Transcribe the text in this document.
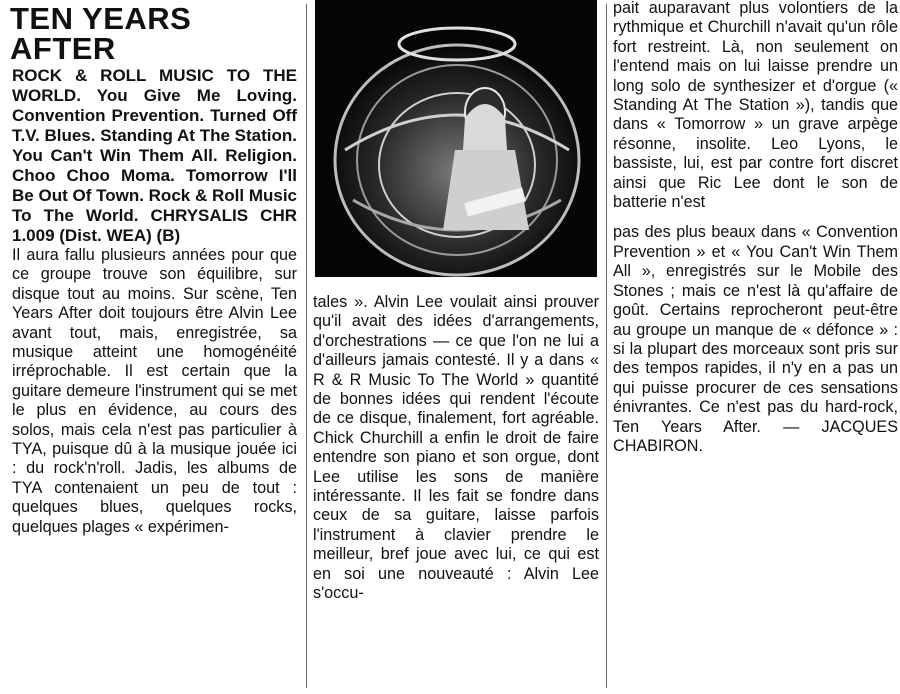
TEN YEARS AFTER
ROCK & ROLL MUSIC TO THE WORLD. You Give Me Loving. Convention Prevention. Turned Off T.V. Blues. Standing At The Station. You Can't Win Them All. Religion. Choo Choo Moma. Tomorrow I'll Be Out Of Town. Rock & Roll Music To The World. CHRYSALIS CHR 1.009 (Dist. WEA) (B)

Il aura fallu plusieurs années pour que ce groupe trouve son équilibre, sur disque tout au moins. Sur scène, Ten Years After doit toujours être Alvin Lee avant tout, mais, enregistrée, sa musique atteint une homogénéité irréprochable. Il est certain que la guitare demeure l'instrument qui se met le plus en évidence, au cours des solos, mais cela n'est pas particulier à TYA, puisque dû à la musique jouée ici : du rock'n'roll. Jadis, les albums de TYA contenaient un peu de tout : quelques blues, quelques rocks, quelques plages « expérimen-

tales ». Alvin Lee voulait ainsi prouver qu'il avait des idées d'arrangements, d'orchestrations — ce que l'on ne lui a d'ailleurs jamais contesté. Il y a dans « R & R Music To The World » quantité de bonnes idées qui rendent l'écoute de ce disque, finalement, fort agréable. Chick Churchill a enfin le droit de faire entendre son piano et son orgue, dont Lee utilise les sons de manière intéressante. Il les fait se fondre dans ceux de sa guitare, laisse parfois l'instrument à clavier prendre le meilleur, bref joue avec lui, ce qui est en soi une nouveauté : Alvin Lee s'occu-

pait auparavant plus volontiers de la rythmique et Churchill n'avait qu'un rôle fort restreint. Là, non seulement on l'entend mais on lui laisse prendre un long solo de synthesizer et d'orgue (« Standing At The Station »), tandis que dans « Tomorrow » un grave arpège résonne, insolite. Leo Lyons, le bassiste, lui, est par contre fort discret ainsi que Ric Lee dont le son de batterie n'est

pas des plus beaux dans « Convention Prevention » et « You Can't Win Them All », enregistrés sur le Mobile des Stones ; mais ce n'est là qu'affaire de goût. Certains reprocheront peut-être au groupe un manque de « défonce » : si la plupart des morceaux sont pris sur des tempos rapides, il n'y en a pas un qui puisse procurer de ces sensations énivrantes. Ce n'est pas du hard-rock, Ten Years After. — JACQUES CHABIRON.
